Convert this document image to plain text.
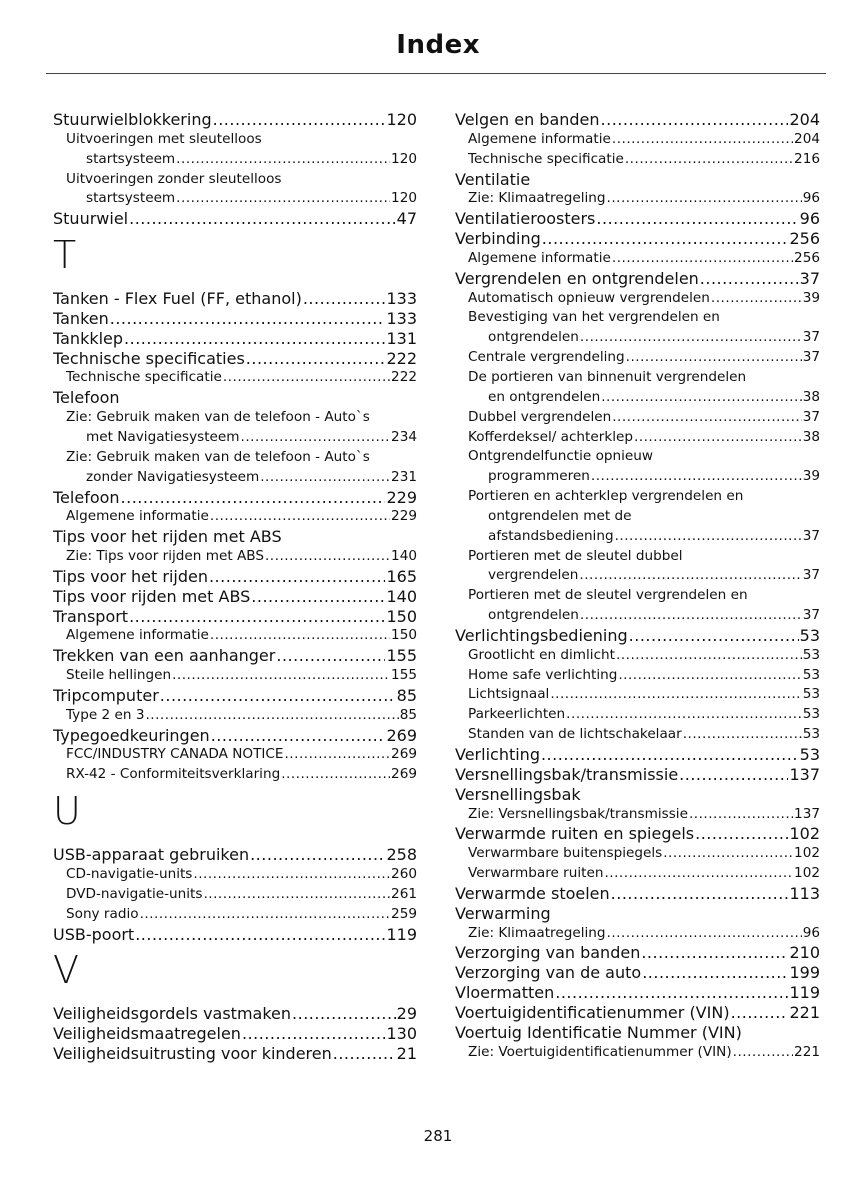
Index
Stuurwielblokkering .....	120
Uitvoeringen met sleutelloos
startsysteem .....	120
Uitvoeringen zonder sleutelloos
startsysteem .....	120
Stuurwiel .....	47
T
Tanken - Flex Fuel (FF, ethanol) .....	133
Tanken .....	133
Tankklep .....	131
Technische specificaties .....	222
Technische specificatie .....	222
Telefoon
Zie: Gebruik maken van de telefoon - Auto`s
met Navigatiesysteem .....	234
Zie: Gebruik maken van de telefoon - Auto`s
zonder Navigatiesysteem .....	231
Telefoon .....	229
Algemene informatie .....	229
Tips voor het rijden met ABS
Zie: Tips voor rijden met ABS .....	140
Tips voor het rijden .....	165
Tips voor rijden met ABS .....	140
Transport .....	150
Algemene informatie .....	150
Trekken van een aanhanger .....	155
Steile hellingen .....	155
Tripcomputer .....	85
Type 2 en 3 .....	85
Typegoedkeuringen .....	269
FCC/INDUSTRY CANADA NOTICE .....	269
RX-42 - Conformiteitsverklaring .....	269
U
USB-apparaat gebruiken .....	258
CD-navigatie-units .....	260
DVD-navigatie-units .....	261
Sony radio .....	259
USB-poort .....	119
V
Veiligheidsgordels vastmaken .....	29
Veiligheidsmaatregelen .....	130
Veiligheidsuitrusting voor kinderen .....	21
Velgen en banden .....	204
Algemene informatie .....	204
Technische specificatie .....	216
Ventilatie
Zie: Klimaatregeling .....	96
Ventilatieroosters .....	96
Verbinding .....	256
Algemene informatie .....	256
Vergrendelen en ontgrendelen .....	37
Automatisch opnieuw vergrendelen .....	39
Bevestiging van het vergrendelen en
ontgrendelen .....	37
Centrale vergrendeling .....	37
De portieren van binnenuit vergrendelen
en ontgrendelen .....	38
Dubbel vergrendelen .....	37
Kofferdeksel/ achterklep .....	38
Ontgrendelfunctie opnieuw
programmeren .....	39
Portieren en achterklep vergrendelen en
ontgrendelen met de
afstandsbediening .....	37
Portieren met de sleutel dubbel
vergrendelen .....	37
Portieren met de sleutel vergrendelen en
ontgrendelen .....	37
Verlichtingsbediening .....	53
Grootlicht en dimlicht .....	53
Home safe verlichting .....	53
Lichtsignaal .....	53
Parkeerlichten .....	53
Standen van de lichtschakelaar .....	53
Verlichting .....	53
Versnellingsbak/transmissie .....	137
Versnellingsbak
Zie: Versnellingsbak/transmissie .....	137
Verwarmde ruiten en spiegels .....	102
Verwarmbare buitenspiegels .....	102
Verwarmbare ruiten .....	102
Verwarmde stoelen .....	113
Verwarming
Zie: Klimaatregeling .....	96
Verzorging van banden .....	210
Verzorging van de auto .....	199
Vloermatten .....	119
Voertuigidentificatienummer (VIN) .....	221
Voertuig Identificatie Nummer (VIN)
Zie: Voertuigidentificatienummer (VIN) .....	221
281
